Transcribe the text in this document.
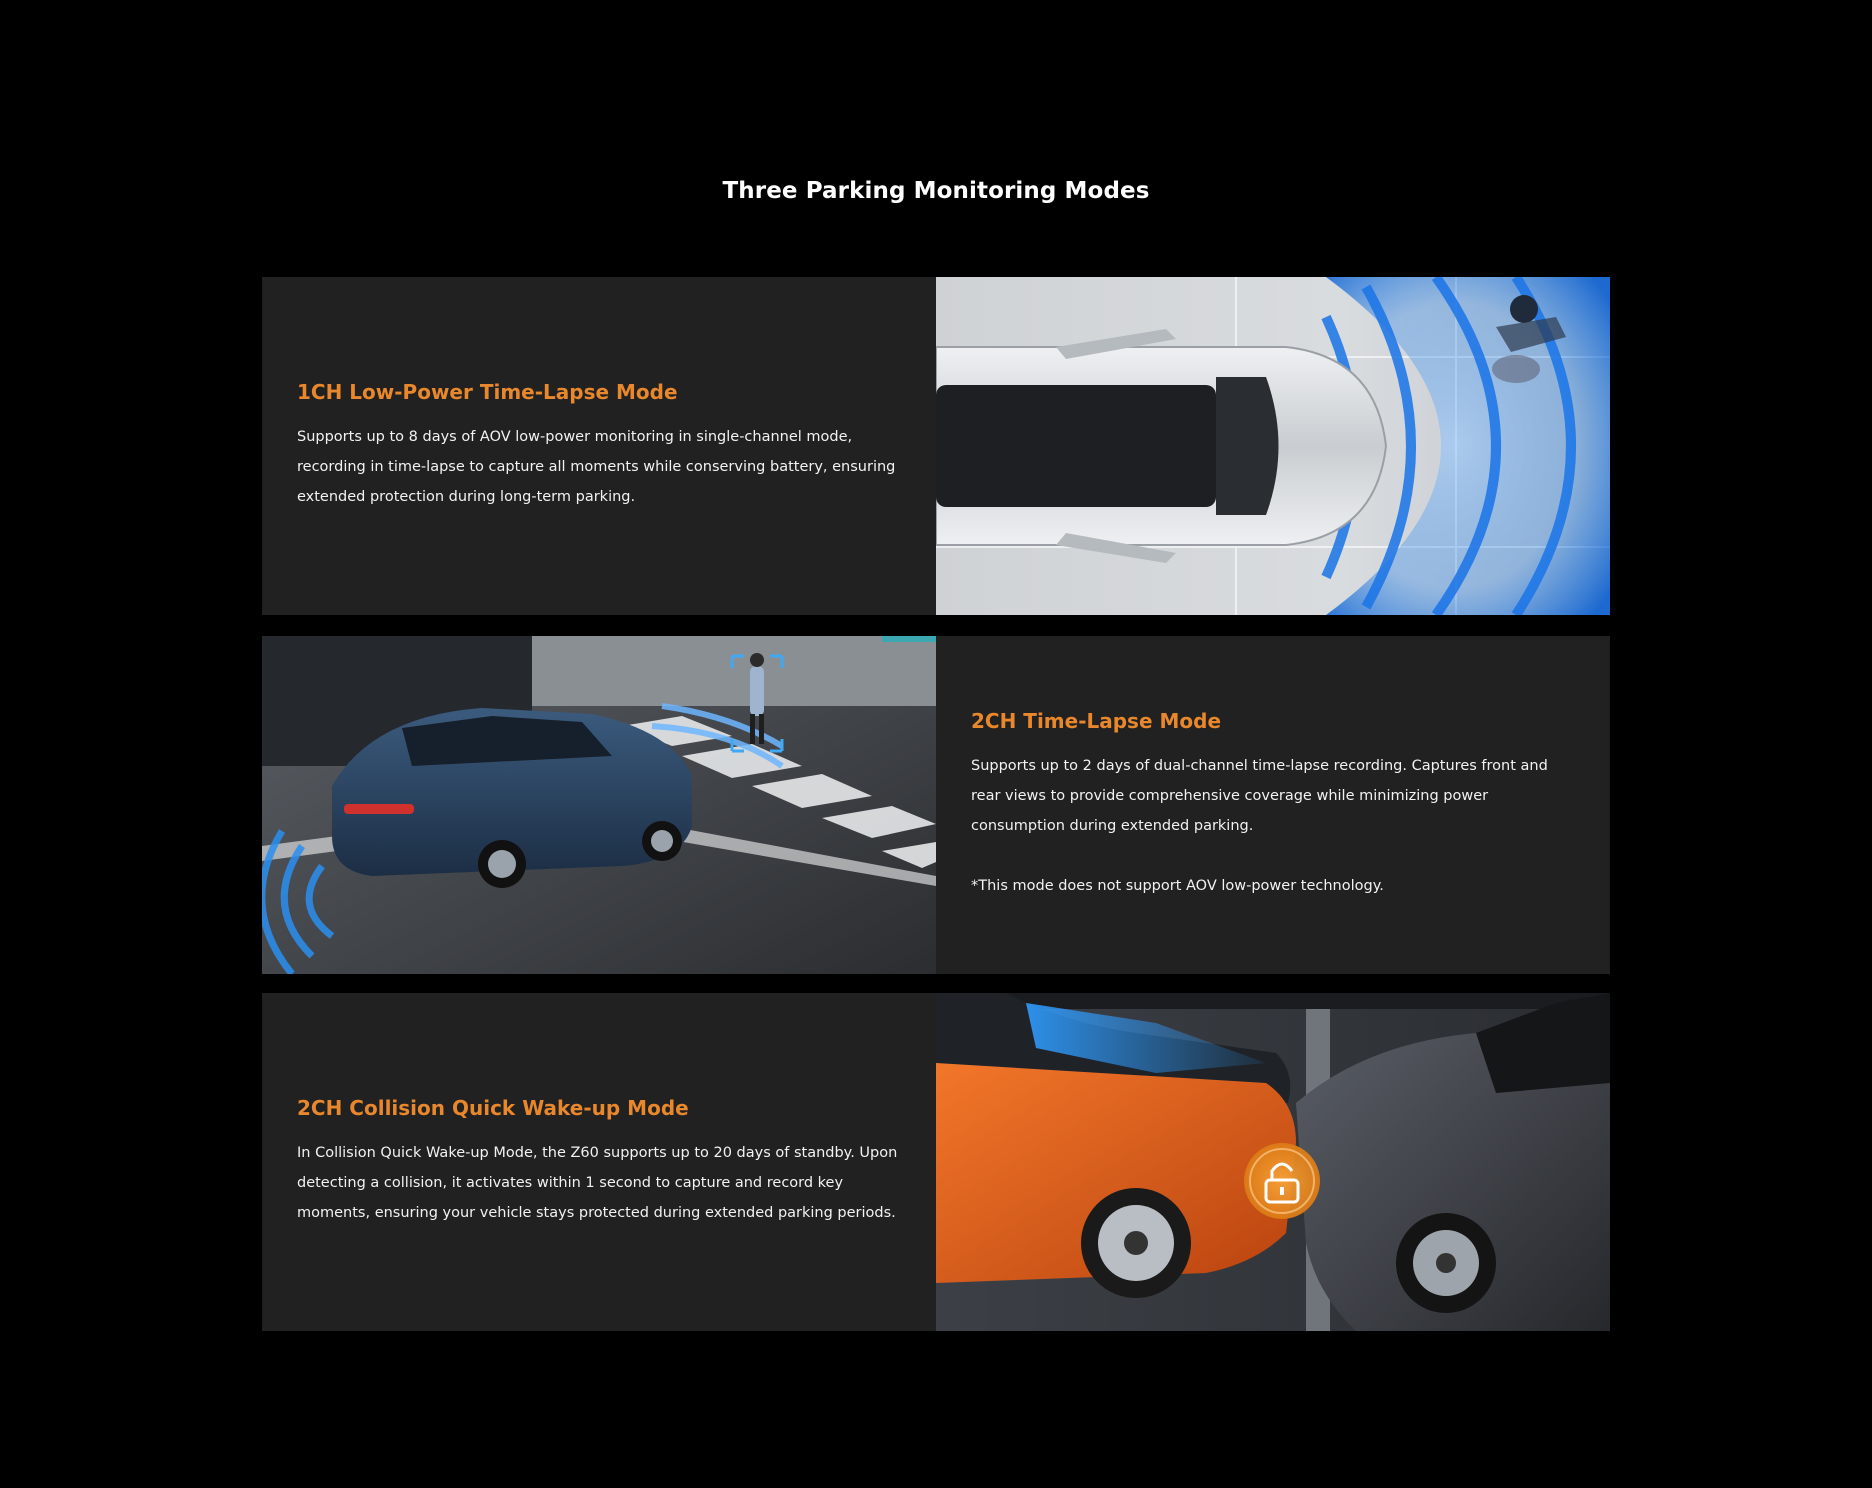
Three Parking Monitoring Modes
1CH Low-Power Time-Lapse Mode
Supports up to 8 days of AOV low-power monitoring in single-channel mode, recording in time-lapse to capture all moments while conserving battery, ensuring extended protection during long-term parking.
2CH Time-Lapse Mode
Supports up to 2 days of dual-channel time-lapse recording. Captures front and rear views to provide comprehensive coverage while minimizing power consumption during extended parking.
*This mode does not support AOV low-power technology.
2CH Collision Quick Wake-up Mode
In Collision Quick Wake-up Mode, the Z60 supports up to 20 days of standby. Upon detecting a collision, it activates within 1 second to capture and record key moments, ensuring your vehicle stays protected during extended parking periods.
